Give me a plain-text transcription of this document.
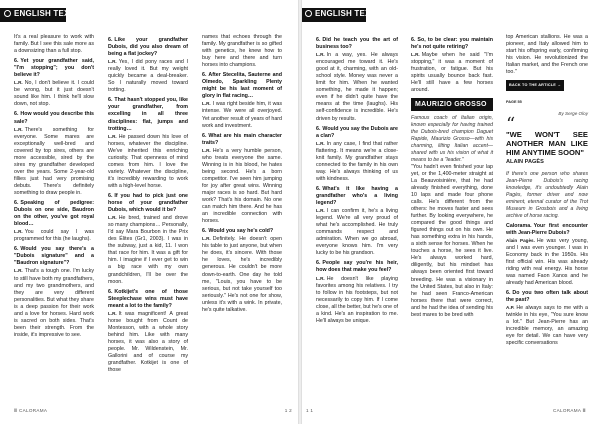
ENGLISH TEXTS

It's a real pleasure to work with family. But I see this sale more as a downsizing than a full stop.

6. Yet your grandfather said, "I'm stopping"; you don't believe it?

L.R. No, I don't believe it. I could be wrong, but it just doesn't sound like him. I think he'll slow down, not stop.

6. How would you describe this sale?

L.R. There's something for everyone. Some mares are exceptionally well-bred and covered by top sires, others are more accessible, sired by the sires my grandfather developed over the years. Some 2-year-old fillies just had very promising debuts. There's definitely something to draw people in.

6. Speaking of pedigree: Dubois on one side, Baudron on the other, you've got royal blood…

L.R. You could say I was programmed for this (he laughs).

6. Would you say there's a "Dubois signature" and a "Baudron signature"?

L.R. That's a tough one. I'm lucky to still have both my grandfathers, and my two grandmothers, and they are very different personalities. But what they share is a deep passion for their work and a love for horses. Hard work is sacred on both sides. That's been their strength. From the inside, it's impressive to see.

6. Like your grandfather Dubois, did you also dream of being a flat jockey?

L.R. Yes, I did pony races and I really loved it. But my weight quickly became a deal-breaker. So I naturally moved toward trotting.

6. That hasn't stopped you, like your grandfather, from excelling in all three disciplines: flat, jumps and trotting…

L.R. He passed down his love of horses, whatever the discipline. We've inherited this enriching curiosity. That openness of mind comes from him. I love the variety. Whatever the discipline, it's incredibly rewarding to work with a high-level horse.

6. If you had to pick just one horse of your grandfather Dubois, which would it be?

L.R. He bred, trained and drove so many champions… Personally, I'd say Mara Bourbon in the Prix des Élites (Gr1, 2003). I was in the subway, just a kid, 11. I won that race for him. It was a gift for him. I imagine if I ever get to win a big race with my own grandchildren, I'll be over the moon.

6. Kotkijet's one of those Steeplechase wins must have meant a lot to the family?

L.R. It was magnificent! A great horse bought from Count de Montesson, with a whole story behind him. Like with many horses, it was also a story of people. Mr. Wildenstein, Mr. Gallorini and of course my grandfather. Kotkijet is one of those

names that echoes through the family. My grandfather is so gifted with genetics, he knew how to buy here and there and turn horses into champions.

6. After Stecelita, Sauterne and Olmedo, Sparkling Plenty might be his last moment of glory in flat racing…

L.R. I was right beside him, it was intense. We were all overjoyed. Yet another result of years of hard work and investment.

6. What are his main character traits?

L.R. He's a very humble person, who treats everyone the same. Winning is in his blood, he hates being second. He's a born competitor. I've seen him jumping for joy after great wins. Winning major races is so hard. But hard work? That's his domain. No one can match him there. And he has an incredible connection with horses.

6. Would you say he's cold?

L.R. Definitely. He doesn't open his table to just anyone, but when he does, it's sincere. With those he loves, he's incredibly generous. He couldn't be more down-to-earth. One day he told me, "Louis, you have to be serious, but not take yourself too seriously." He's not one for show, unless it's with a wink. In private, he's quite talkative.

Ⅲ CALORAMA	1 2
ENGLISH TEXTS

6. Did he teach you the art of business too?

L.R. In a way, yes. He always encouraged me toward it. He's good at it, charming, with an old-school style. Money was never a limit for him. When he wanted something, he made it happen; even if he didn't quite have the means at the time (laughs). His self-confidence is incredible. He's driven by results.

6. Would you say the Dubois are a clan?

L.R. In any case, I find that rather flattering. It means we're a close-knit family. My grandfather stays connected to the family in his own way. He's always thinking of us with kindness.

6. What's it like having a grandfather who's a living legend?

L.R. I can confirm it, he's a living legend. We're all very proud of what he's accomplished. He truly commands respect and admiration. When we go abroad, everyone knows him. I'm very lucky to be his grandson.

6. People say you're his heir, how does that make you feel?

L.R. He doesn't like playing favorites among his relatives. I try to follow in his footsteps, but not necessarily to copy him. If I come close, all the better, but he's one of a kind. He's an inspiration to me. He'll always be unique.

6. So, to be clear: you maintain he's not quite retiring?

L.R. Maybe when he said "I'm stopping," it was a moment of frustration, or fatigue. But his spirits usually bounce back fast. He'll still have a few horses around.

MAURIZIO GROSSO

Famous coach of Italian origin, known especially for having trained the Dubois-bred champion Daguet Rapide, Maurizio Grosso—with his charming, lilting Italian accent—shared with us his vision of what it means to be a "leader."

"You hadn't even finished your lap yet, or the 1,400-meter straight at La Beauvoisinière, that he had already finished everything, done 10 laps and made four phone calls. He's different from the others: he moves faster and sees further. By looking everywhere, he compared the good things and figured things out on his own. He has something extra in his hands, a sixth sense for horses. When he touches a horse, he sees it live. He's always worked hard, diligently, but his mindset has always been oriented first toward breeding. He was a visionary in the United States, but also in Italy: he had seen Franco-American horses there that were correct, and he had the idea of sending his best mares to be bred with

top American stallions. He was a pioneer, and Italy allowed him to start his offspring early, confirming his vision. He revolutionized the Italian market, and the French one too."

BACK TO THE ARTICLE →
PAGE 55
By Serge Oloy
“
"WE WON'T SEE ANOTHER MAN LIKE HIM ANYTIME SOON"
ALAIN PAGÈS

If there's one person who shares Jean-Pierre Dubois's racing knowledge, it's undoubtedly Alain Pagès, former driver and now eminent, eternal curator of the Trot Museum in Grosbois and a living archive of horse racing.

Calorama. Your first encounter with Jean-Pierre Dubois?

Alain Pagès. He was very young, and I was even younger. I was in Economy back in the 1950s. His first official win. His was already riding with real energy. His horse was named Faon Xanos and he already had American blood.

6. Do you two often talk about the past?

A.P. He always says to me with a twinkle in his eye, "You sure know a lot." But Jean-Pierre has an incredible memory, an amazing eye for detail. We can have very specific conversations

1 1	CALORAMA Ⅲ
